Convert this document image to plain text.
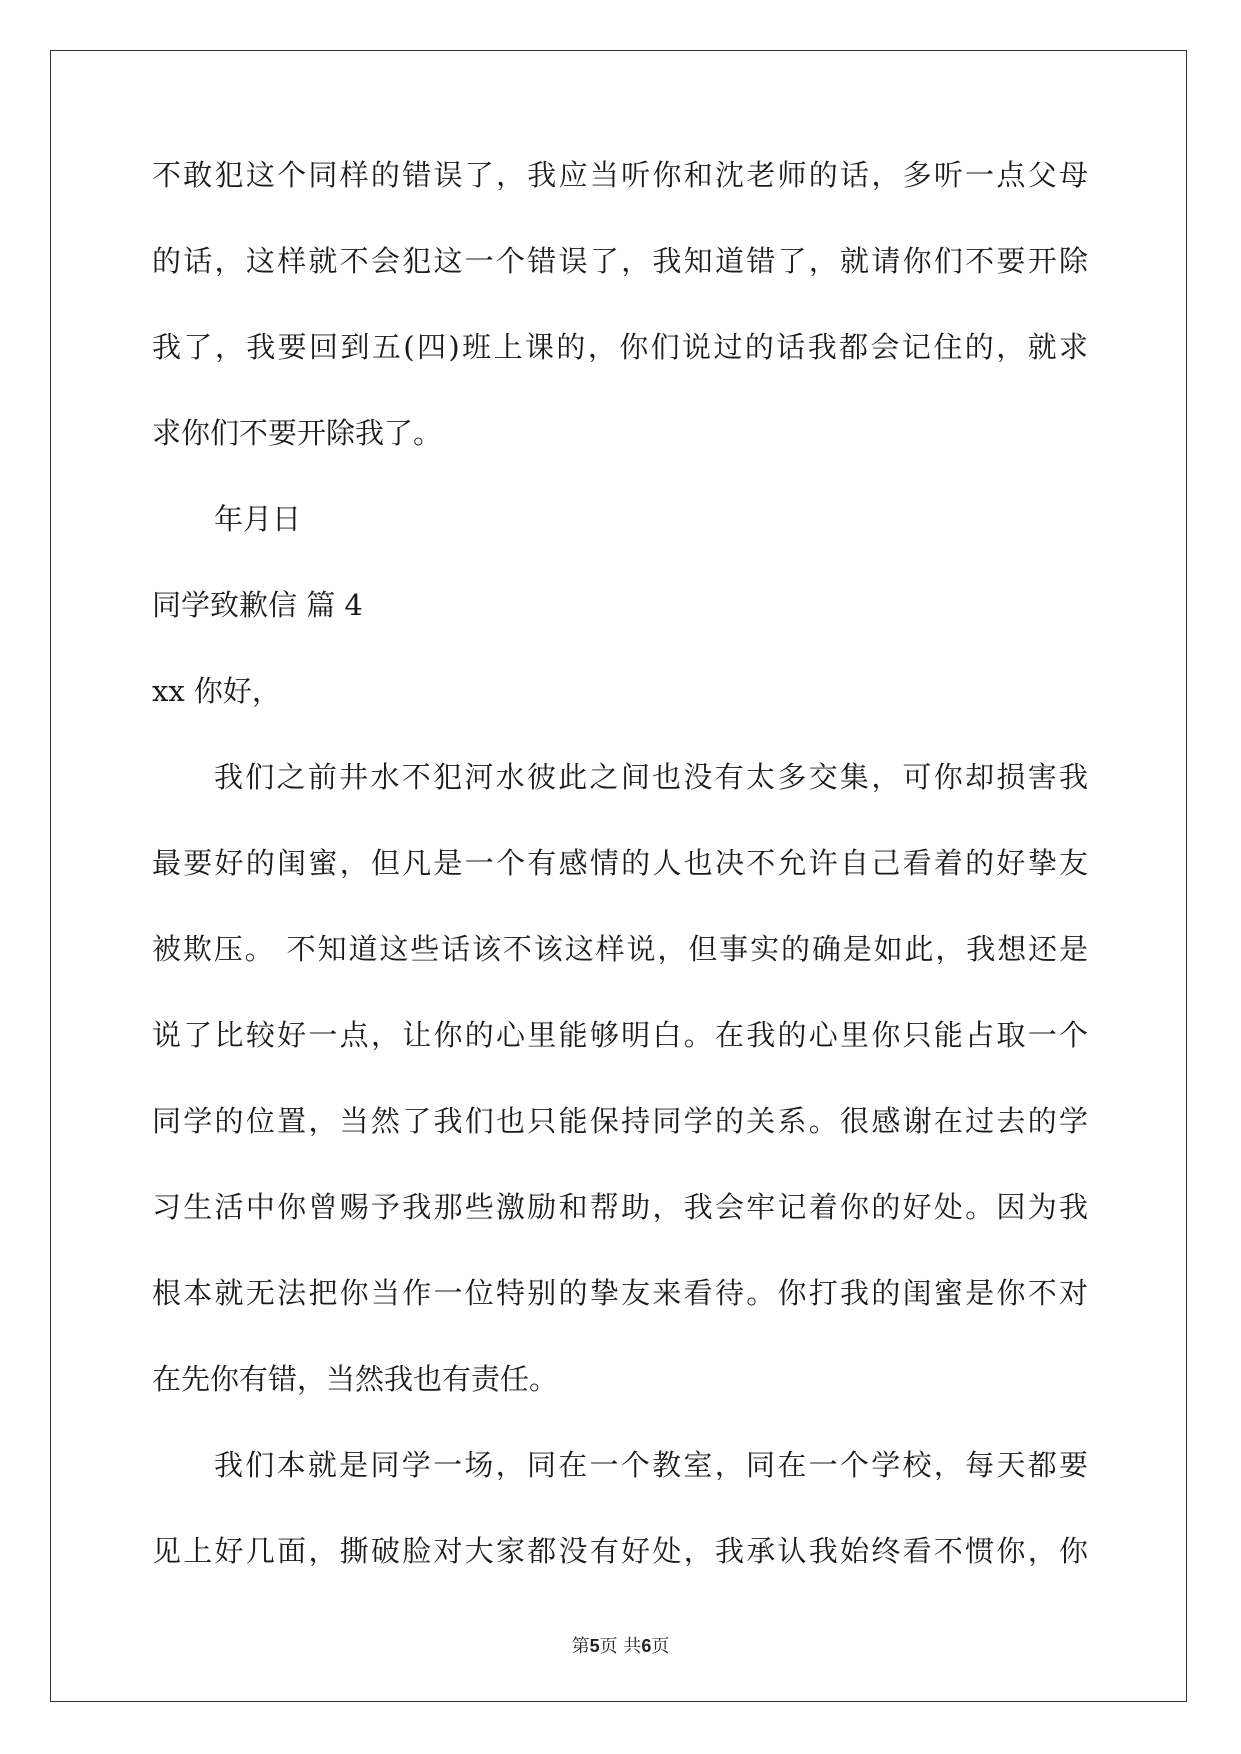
不敢犯这个同样的错误了，我应当听你和沈老师的话，多听一点父母

的话，这样就不会犯这一个错误了，我知道错了，就请你们不要开除

我了，我要回到五(四)班上课的，你们说过的话我都会记住的，就求

求你们不要开除我了。

年月日

同学致歉信 篇 4

xx 你好，

我们之前井水不犯河水彼此之间也没有太多交集，可你却损害我

最要好的闺蜜，但凡是一个有感情的人也决不允许自己看着的好挚友

被欺压。 不知道这些话该不该这样说，但事实的确是如此，我想还是

说了比较好一点，让你的心里能够明白。在我的心里你只能占取一个

同学的位置，当然了我们也只能保持同学的关系。很感谢在过去的学

习生活中你曾赐予我那些激励和帮助，我会牢记着你的好处。因为我

根本就无法把你当作一位特别的挚友来看待。你打我的闺蜜是你不对

在先你有错，当然我也有责任。

我们本就是同学一场，同在一个教室，同在一个学校，每天都要

见上好几面，撕破脸对大家都没有好处，我承认我始终看不惯你，你

第5页 共6页
